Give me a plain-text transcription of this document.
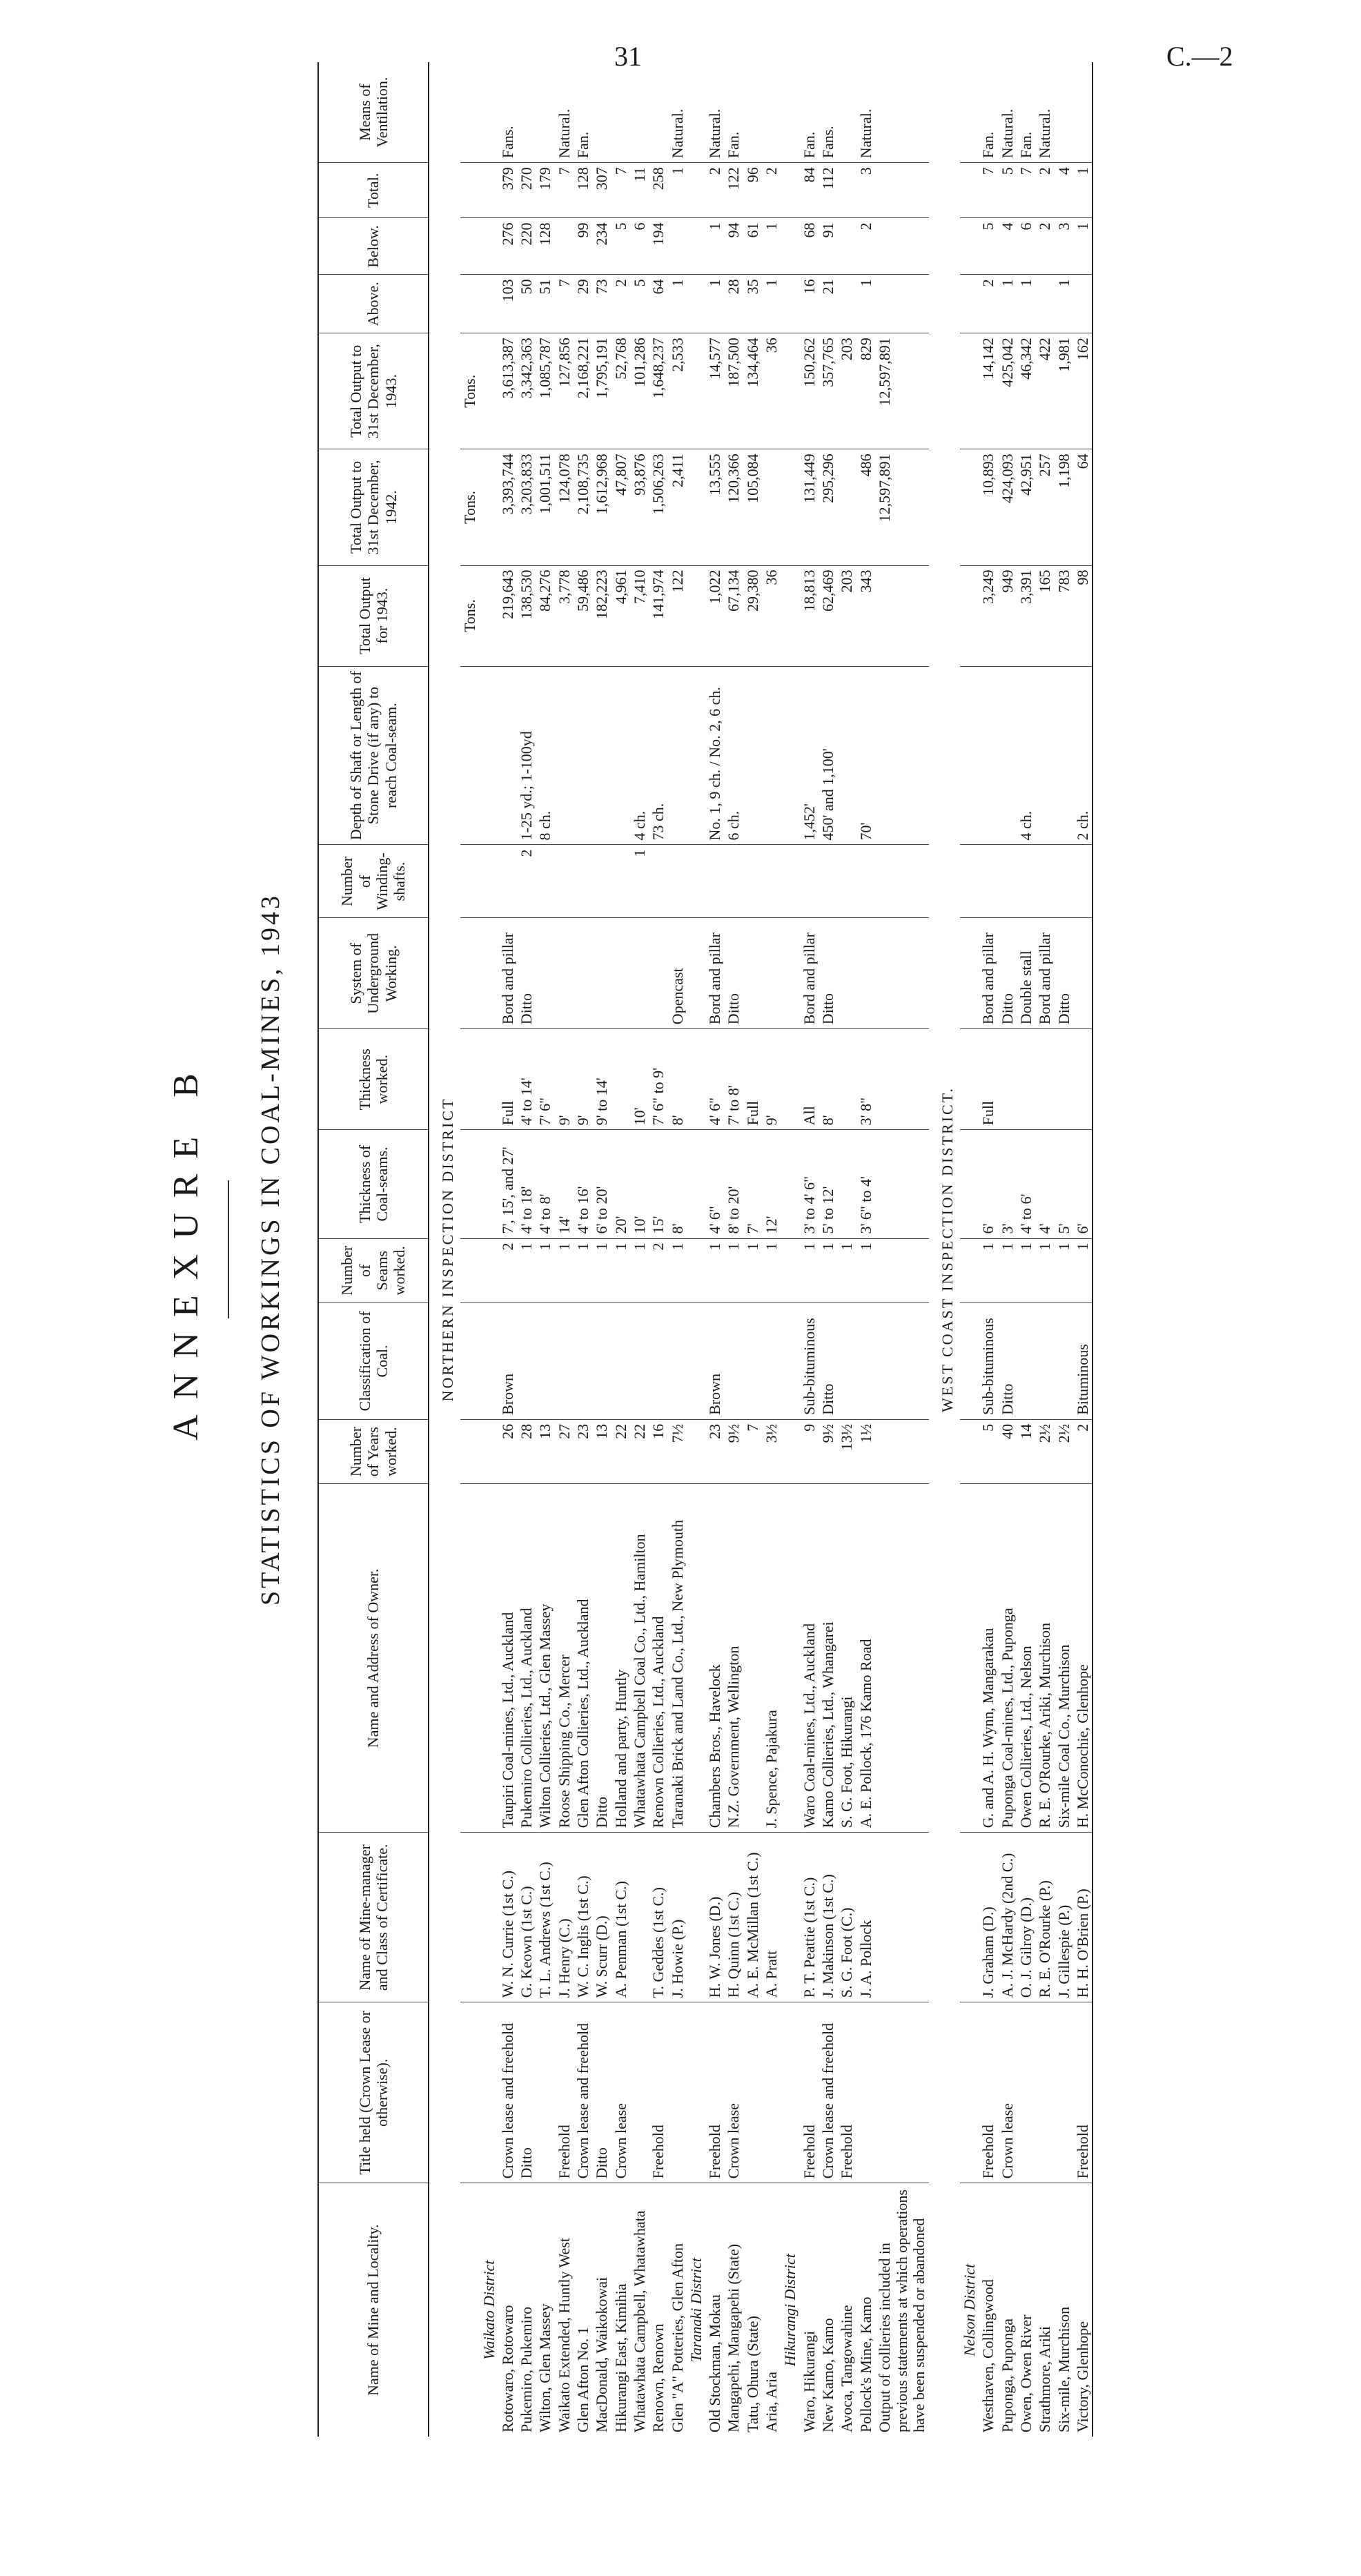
31	C.—2
ANNEXURE B STATISTICS OF WORKINGS IN COAL-MINES, 1943
Name of Mine and Locality.	Title held (Crown Lease or otherwise).	Name of Mine-manager and Class of Certificate.	Name and Address of Owner.	Number of Years worked.	Classification of Coal.	Number of Seams worked.	Thickness of Coal-seams.	Thickness worked.	System of Underground Working.	Number of Winding-shafts.	Depth of Shaft or Length of Stone Drive (if any) to reach Coal-seam.	Total Output for 1943.	Total Output to 31st December, 1942.	Total Output to 31st December, 1943.	Above.	Below.	Total.	Means of Ventilation.
NORTHERN INSPECTION DISTRICT																		
												Tons.	Tons.	Tons.				
Waikato District																		
Rotowaro, Rotowaro	Crown lease and freehold	W. N. Currie (1st C.)	Taupiri Coal-mines, Ltd., Auckland	26	Brown	2	7', 15', and 27'	Full	Bord and pillar			219,643	3,393,744	3,613,387	103	276	379	Fans.
Pukemiro, Pukemiro	Ditto	G. Keown (1st C.)	Pukemiro Collieries, Ltd., Auckland	28		1	4' to 18'	4' to 14'	Ditto	2	1-25 yd.; 1-100yd	138,530	3,203,833	3,342,363	50	220	270	
Wilton, Glen Massey		T. L. Andrews (1st C.)	Wilton Collieries, Ltd., Glen Massey	13		1	4' to 8'	7' 6"			8 ch.	84,276	1,001,511	1,085,787	51	128	179	
Waikato Extended, Huntly West	Freehold	J. Henry (C.)	Roose Shipping Co., Mercer	27		1	14'	9'				3,778	124,078	127,856	7		7	Natural.
Glen Afton No. 1	Crown lease and freehold	W. C. Inglis (1st C.)	Glen Afton Collieries, Ltd., Auckland	23		1	4' to 16'	9'				59,486	2,108,735	2,168,221	29	99	128	Fan.
MacDonald, Waikokowai	Ditto	W. Scurr (D.)	Ditto	13		1	6' to 20'	9' to 14'				182,223	1,612,968	1,795,191	73	234	307	
Hikurangi East, Kimihia	Crown lease	A. Penman (1st C.)	Holland and party, Huntly	22		1	20'					4,961	47,807	52,768	2	5	7	
Whatawhata Campbell, Whatawhata			Whatawhata Campbell Coal Co., Ltd., Hamilton	22		1	10'	10'		1	4 ch.	7,410	93,876	101,286	5	6	11	
Renown, Renown	Freehold	T. Geddes (1st C.)	Renown Collieries, Ltd., Auckland	16		2	15'	7' 6" to 9'			73 ch.	141,974	1,506,263	1,648,237	64	194	258	
Glen "A" Potteries, Glen Afton		J. Howie (P.)	Taranaki Brick and Land Co., Ltd., New Plymouth	7½		1	8'	8'	Opencast			122	2,411	2,533	1		1	Natural.
Taranaki District																		
Old Stockman, Mokau	Freehold	H. W. Jones (D.)	Chambers Bros., Havelock	23	Brown	1	4' 6"	4' 6"	Bord and pillar		No. 1, 9 ch. / No. 2, 6 ch.	1,022	13,555	14,577	1	1	2	Natural.
Mangapehi, Mangapehi (State)	Crown lease	H. Quinn (1st C.)	N.Z. Government, Wellington	9½		1	8' to 20'	7' to 8'	Ditto		6 ch.	67,134	120,366	187,500	28	94	122	Fan.
Tatu, Ohura (State)		A. E. McMillan (1st C.)		7		1	7'	Full				29,380	105,084	134,464	35	61	96	
Aria, Aria		A. Pratt	J. Spence, Pajakura	3½		1	12'	9'				36		36	1	1	2	
Hikurangi District																		
Waro, Hikurangi	Freehold	P. T. Peattie (1st C.)	Waro Coal-mines, Ltd., Auckland	9	Sub-bituminous	1	3' to 4' 6"	All	Bord and pillar		1,452'	18,813	131,449	150,262	16	68	84	Fan.
New Kamo, Kamo	Crown lease and freehold	J. Makinson (1st C.)	Kamo Collieries, Ltd., Whangarei	9½	Ditto	1	5' to 12'	8'	Ditto		450' and 1,100'	62,469	295,296	357,765	21	91	112	Fans.
Avoca, Tangowahine	Freehold	S. G. Foot (C.)	S. G. Foot, Hikurangi	13½		1						203		203				
Pollock's Mine, Kamo		J. A. Pollock	A. E. Pollock, 176 Kamo Road	1½		1	3' 6" to 4'	3' 8"			70'	343	486	829	1	2	3	Natural.
Output of collieries included in previous statements at which operations have been suspended or abandoned													12,597,891	12,597,891				
WEST COAST INSPECTION DISTRICT.																		
Nelson District																		
Westhaven, Collingwood	Freehold	J. Graham (D.)	G. and A. H. Wynn, Mangarakau	5	Sub-bituminous	1	6'	Full	Bord and pillar			3,249	10,893	14,142	2	5	7	Fan.
Puponga, Puponga	Crown lease	A. J. McHardy (2nd C.)	Puponga Coal-mines, Ltd., Puponga	40	Ditto	1	3'		Ditto			949	424,093	425,042	1	4	5	Natural.
Owen, Owen River		O. J. Gilroy (D.)	Owen Collieries, Ltd., Nelson	14		1	4' to 6'		Double stall		4 ch.	3,391	42,951	46,342	1	6	7	Fan.
Strathmore, Ariki		R. E. O'Rourke (P.)	R. E. O'Rourke, Ariki, Murchison	2½		1	4'		Bord and pillar			165	257	422		2	2	Natural.
Six-mile, Murchison		J. Gillespie (P.)	Six-mile Coal Co., Murchison	2½		1	5'		Ditto			783	1,198	1,981	1	3	4	
Victory, Glenhope	Freehold	H. H. O'Brien (P.)	H. McConochie, Glenhope	2	Bituminous	1	6'				2 ch.	98	64	162		1	1	
